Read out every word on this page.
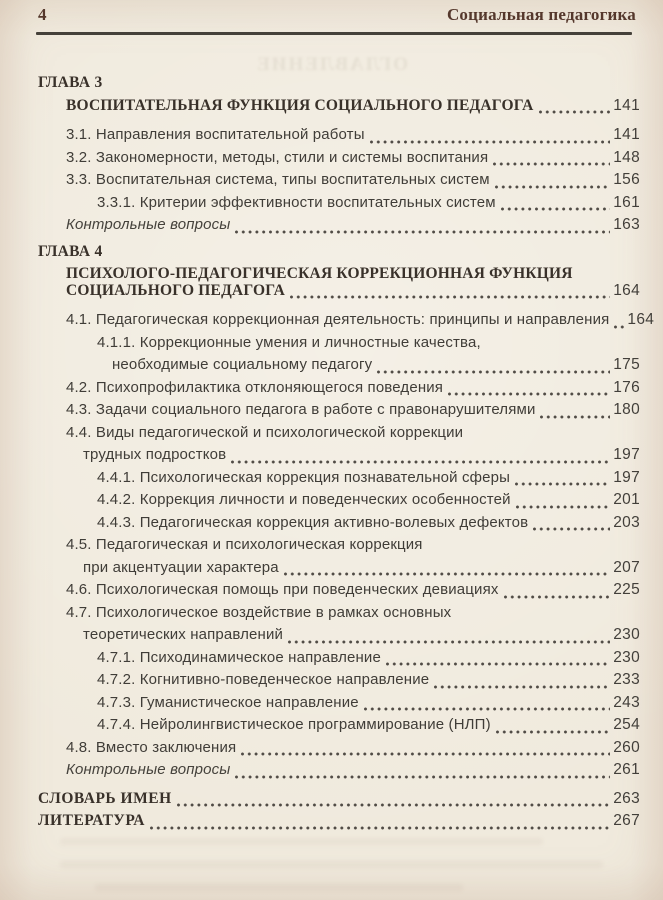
4	Социальная педагогика
ОГЛАВЛЕНИЕ
ГЛАВА 3
ВОСПИТАТЕЛЬНАЯ ФУНКЦИЯ СОЦИАЛЬНОГО ПЕДАГОГА	141
3.1. Направления воспитательной работы	141
3.2. Закономерности, методы, стили и системы воспитания	148
3.3. Воспитательная система, типы воспитательных систем	156
3.3.1. Критерии эффективности воспитательных систем	161
Контрольные вопросы	163
ГЛАВА 4
ПСИХОЛОГО-ПЕДАГОГИЧЕСКАЯ КОРРЕКЦИОННАЯ ФУНКЦИЯ
СОЦИАЛЬНОГО ПЕДАГОГА	164
4.1. Педагогическая коррекционная деятельность: принципы и направления 164
4.1.1. Коррекционные умения и личностные качества,
необходимые социальному педагогу	175
4.2. Психопрофилактика отклоняющегося поведения	176
4.3. Задачи социального педагога в работе с правонарушителями	180
4.4. Виды педагогической и психологической коррекции
трудных подростков	197
4.4.1. Психологическая коррекция познавательной сферы	197
4.4.2. Коррекция личности и поведенческих особенностей	201
4.4.3. Педагогическая коррекция активно-волевых дефектов	203
4.5. Педагогическая и психологическая коррекция
при акцентуации характера	207
4.6. Психологическая помощь при поведенческих девиациях	225
4.7. Психологическое воздействие в рамках основных
теоретических направлений	230
4.7.1. Психодинамическое направление	230
4.7.2. Когнитивно-поведенческое направление	233
4.7.3. Гуманистическое направление	243
4.7.4. Нейролингвистическое программирование (НЛП)	254
4.8. Вместо заключения	260
Контрольные вопросы	261
СЛОВАРЬ ИМЕН	263
ЛИТЕРАТУРА	267
